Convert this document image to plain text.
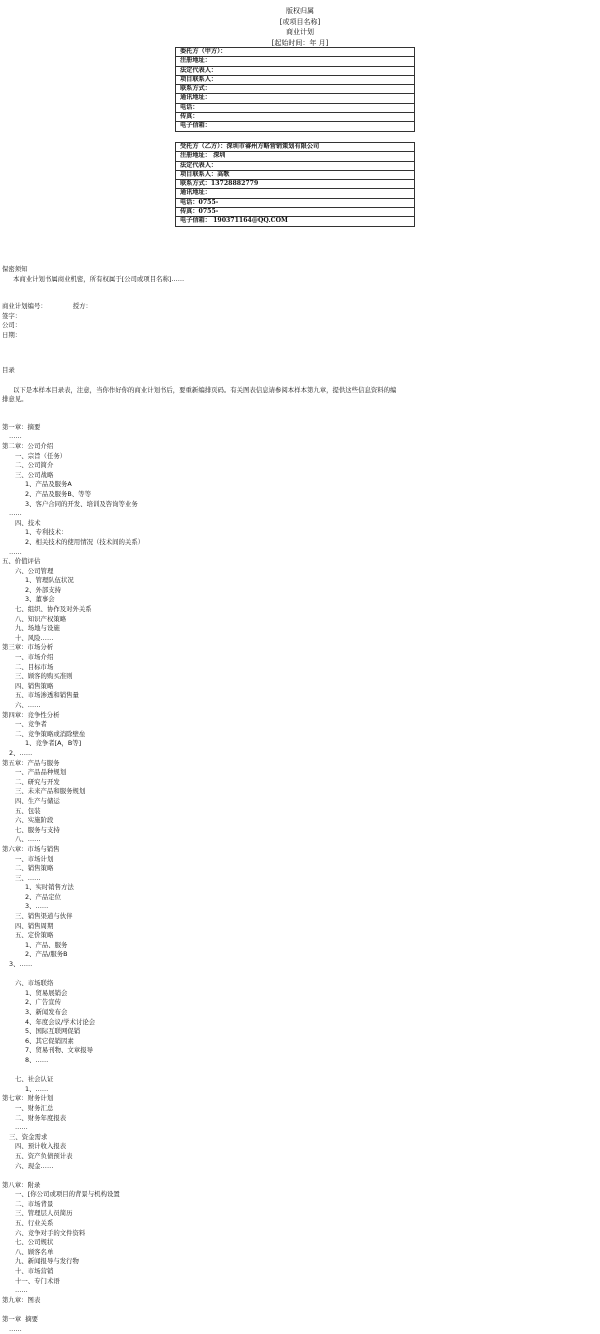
版权归属
[或项目名称]
商业计划
[起始时间：年 月]
委托方（甲方）：
注册地址：
法定代表人：
项目联系人：
联系方式：
通讯地址：
电话：
传真：
电子信箱：
受托方（乙方）：深圳市睿州方略营销策划有限公司
注册地址： 深圳
法定代表人：
项目联系人：高歌
联系方式：13728882779
通讯地址：
电话：0755-
传真：0755-
电子信箱： 190371164@QQ.COM
保密须知
本商业计划书属商业机密，所有权属于[公司或项目名称]……
商业计划编号：	授方：
签字：
公司：
日期：
目录
以下是本样本目录表，注意，当你作好你的商业计划书后，要重新编排页码。有关图表信息请参阅本样本第九章，提供这些信息资料的编排意见。
第一章：摘要
……
第二章：公司介绍
一、宗旨（任务）
二、公司简介
三、公司战略
1、产品及服务A
2、产品及服务B、等等
3、客户合同的开发、培训及咨询等业务
……
四、技术
1、专利技术：
2、相关技术的使用情况（技术间的关系）
……
五、价值评估
六、公司管理
1、管理队伍状况
2、外部支持
3、董事会
七、组织、协作及对外关系
八、知识产权策略
九、场地与设施
十、风险……
第三章：市场分析
一、市场介绍
二、目标市场
三、顾客的购买准则
四、销售策略
五、市场渗透和销售量
六、……
第四章：竞争性分析
一、竞争者
二、竞争策略或消除壁垒
1、竞争者[A，B等]
2、……
第五章：产品与服务
一、产品品种规划
二、研究与开发
三、未来产品和服务规划
四、生产与储运
五、包装
六、实施阶段
七、服务与支持
八、……
第六章：市场与销售
一、市场计划
二、销售策略
三、……
1、实时销售方法
2、产品定位
3、……
三、销售渠道与伙伴
四、销售周期
五、定价策略
1、产品、服务
2、产品/服务B
3、……
六、市场联络
1、贸易展销会
2、广告宣传
3、新闻发布会
4、年度会议/学术讨论会
5、国际互联网促销
6、其它促销因素
7、贸易刊物、文章报导
8、……
七、社会认证
1、……
第七章：财务计划
一、财务汇总
二、财务年度报表
……
三、资金需求
四、预计收入报表
五、资产负债预计表
六、现金……
第八章：附录
一、[你公司或项目的背景与机构设置
二、市场背景
三、管理层人员简历
五、行业关系
六、竞争对手的文件资料
七、公司规状
八、顾客名单
九、新闻报导与发行物
十、市场营销
十一、专门术语
……
第九章：图表
第一章  摘要
……
